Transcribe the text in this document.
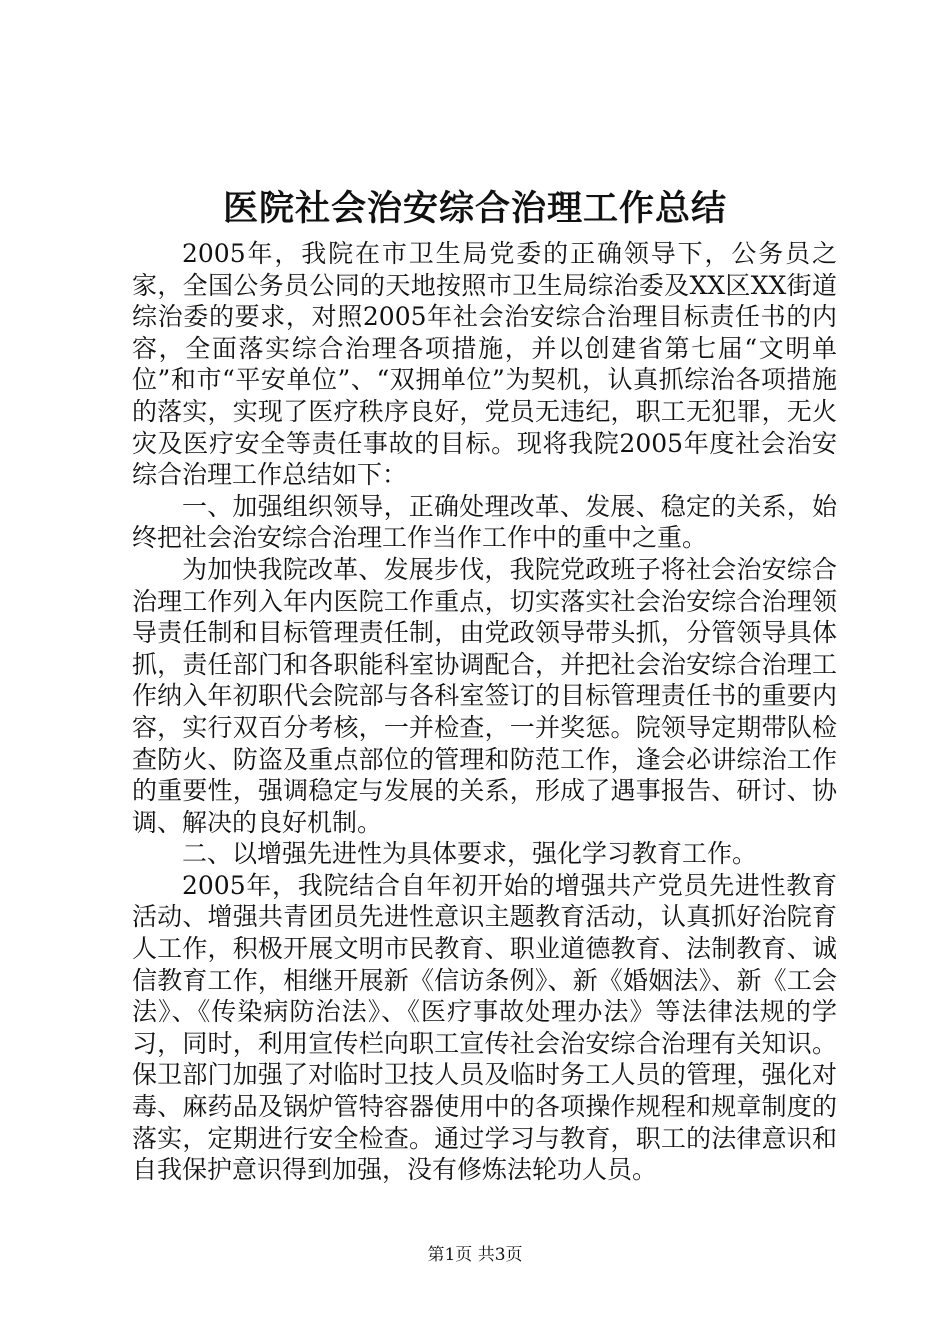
医院社会治安综合治理工作总结

2005年，我院在市卫生局党委的正确领导下，公务员之家，全国公务员公同的天地按照市卫生局综治委及XX区XX街道综治委的要求，对照2005年社会治安综合治理目标责任书的内容，全面落实综合治理各项措施，并以创建省第七届“文明单位”和市“平安单位”、“双拥单位”为契机，认真抓综治各项措施的落实，实现了医疗秩序良好，党员无违纪，职工无犯罪，无火灾及医疗安全等责任事故的目标。现将我院2005年度社会治安综合治理工作总结如下：

一、加强组织领导，正确处理改革、发展、稳定的关系，始终把社会治安综合治理工作当作工作中的重中之重。

为加快我院改革、发展步伐，我院党政班子将社会治安综合治理工作列入年内医院工作重点，切实落实社会治安综合治理领导责任制和目标管理责任制，由党政领导带头抓，分管领导具体抓，责任部门和各职能科室协调配合，并把社会治安综合治理工作纳入年初职代会院部与各科室签订的目标管理责任书的重要内容，实行双百分考核，一并检查，一并奖惩。院领导定期带队检查防火、防盗及重点部位的管理和防范工作，逢会必讲综治工作的重要性，强调稳定与发展的关系，形成了遇事报告、研讨、协调、解决的良好机制。

二、以增强先进性为具体要求，强化学习教育工作。

2005年，我院结合自年初开始的增强共产党员先进性教育活动、增强共青团员先进性意识主题教育活动，认真抓好治院育人工作，积极开展文明市民教育、职业道德教育、法制教育、诚信教育工作，相继开展新《信访条例》、新《婚姻法》、新《工会法》、《传染病防治法》、《医疗事故处理办法》等法律法规的学习，同时，利用宣传栏向职工宣传社会治安综合治理有关知识。保卫部门加强了对临时卫技人员及临时务工人员的管理，强化对毒、麻药品及锅炉管特容器使用中的各项操作规程和规章制度的落实，定期进行安全检查。通过学习与教育，职工的法律意识和自我保护意识得到加强，没有修炼法轮功人员。

第1页 共3页
